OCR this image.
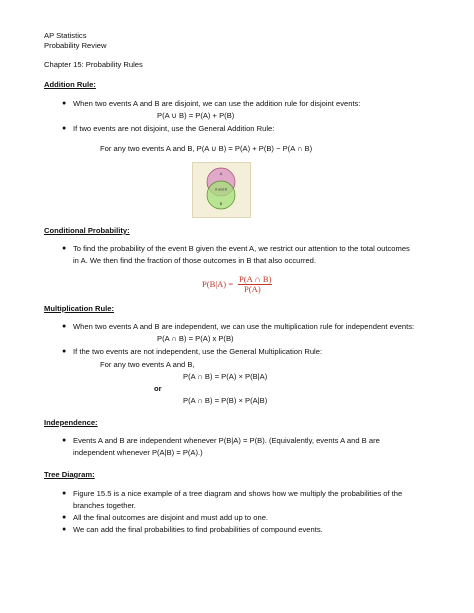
AP Statistics
Probability Review
Chapter 15: Probability Rules
Addition Rule:
● When two events A and B are disjoint, we can use the addition rule for disjoint events:
P(A ∪ B) = P(A) + P(B)
● If two events are not disjoint, use the General Addition Rule:
For any two events A and B, P(A ∪ B) = P(A) + P(B) − P(A ∩ B)
A
A and B
B
Conditional Probability:
● To find the probability of the event B given the event A, we restrict our attention to the total outcomes
in A. We then find the fraction of those outcomes in B that also occurred.
P(B|A) = P(A ∩ B)
P(A)
Multiplication Rule:
● When two events A and B are independent, we can use the multiplication rule for independent events:
P(A ∩ B) = P(A) x P(B)
● If the two events are not independent, use the General Multiplication Rule:
For any two events A and B,
P(A ∩ B) = P(A) × P(B|A)
or
P(A ∩ B) = P(B) × P(A|B)
Independence:
● Events A and B are independent whenever P(B|A) = P(B). (Equivalently, events A and B are
independent whenever P(A|B) = P(A).)
Tree Diagram:
● Figure 15.5 is a nice example of a tree diagram and shows how we multiply the probabilities of the
branches together.
● All the final outcomes are disjoint and must add up to one.
● We can add the final probabilities to find probabilities of compound events.
